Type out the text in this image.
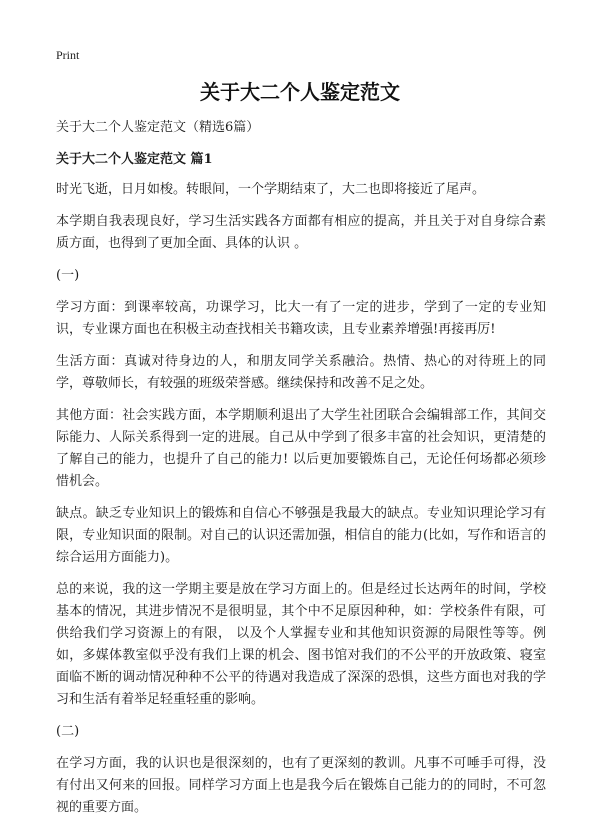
Print
关于大二个人鉴定范文

关于大二个人鉴定范文（精选6篇）

关于大二个人鉴定范文 篇1

时光飞逝，日月如梭。转眼间，一个学期结束了，大二也即将接近了尾声。

本学期自我表现良好，学习生活实践各方面都有相应的提高，并且关于对自身综合素质方面，也得到了更加全面、具体的认识 。

(一)

学习方面：到课率较高，功课学习，比大一有了一定的进步，学到了一定的专业知识，专业课方面也在积极主动查找相关书籍攻读，且专业素养增强!再接再厉!

生活方面：真诚对待身边的人，和朋友同学关系融洽。热情、热心的对待班上的同学，尊敬师长，有较强的班级荣誉感。继续保持和改善不足之处。

其他方面：社会实践方面，本学期顺利退出了大学生社团联合会编辑部工作，其间交际能力、人际关系得到一定的进展。自己从中学到了很多丰富的社会知识，更清楚的了解自己的能力，也提升了自己的能力! 以后更加要锻炼自己，无论任何场都必须珍惜机会。

缺点。缺乏专业知识上的锻炼和自信心不够强是我最大的缺点。专业知识理论学习有限，专业知识面的限制。对自己的认识还需加强，相信自的能力(比如，写作和语言的综合运用方面能力)。

总的来说，我的这一学期主要是放在学习方面上的。但是经过长达两年的时间，学校基本的情况，其进步情况不是很明显，其个中不足原因种种，如：学校条件有限，可供给我们学习资源上的有限， 以及个人掌握专业和其他知识资源的局限性等等。例如，多媒体教室似乎没有我们上课的机会、图书馆对我们的不公平的开放政策、寝室面临不断的调动情况种种不公平的待遇对我造成了深深的恐惧，这些方面也对我的学习和生活有着举足轻重轻重的影响。

(二)

在学习方面，我的认识也是很深刻的，也有了更深刻的教训。凡事不可唾手可得，没有付出又何来的回报。同样学习方面上也是我今后在锻炼自己能力的的同时，不可忽视的重要方面。
